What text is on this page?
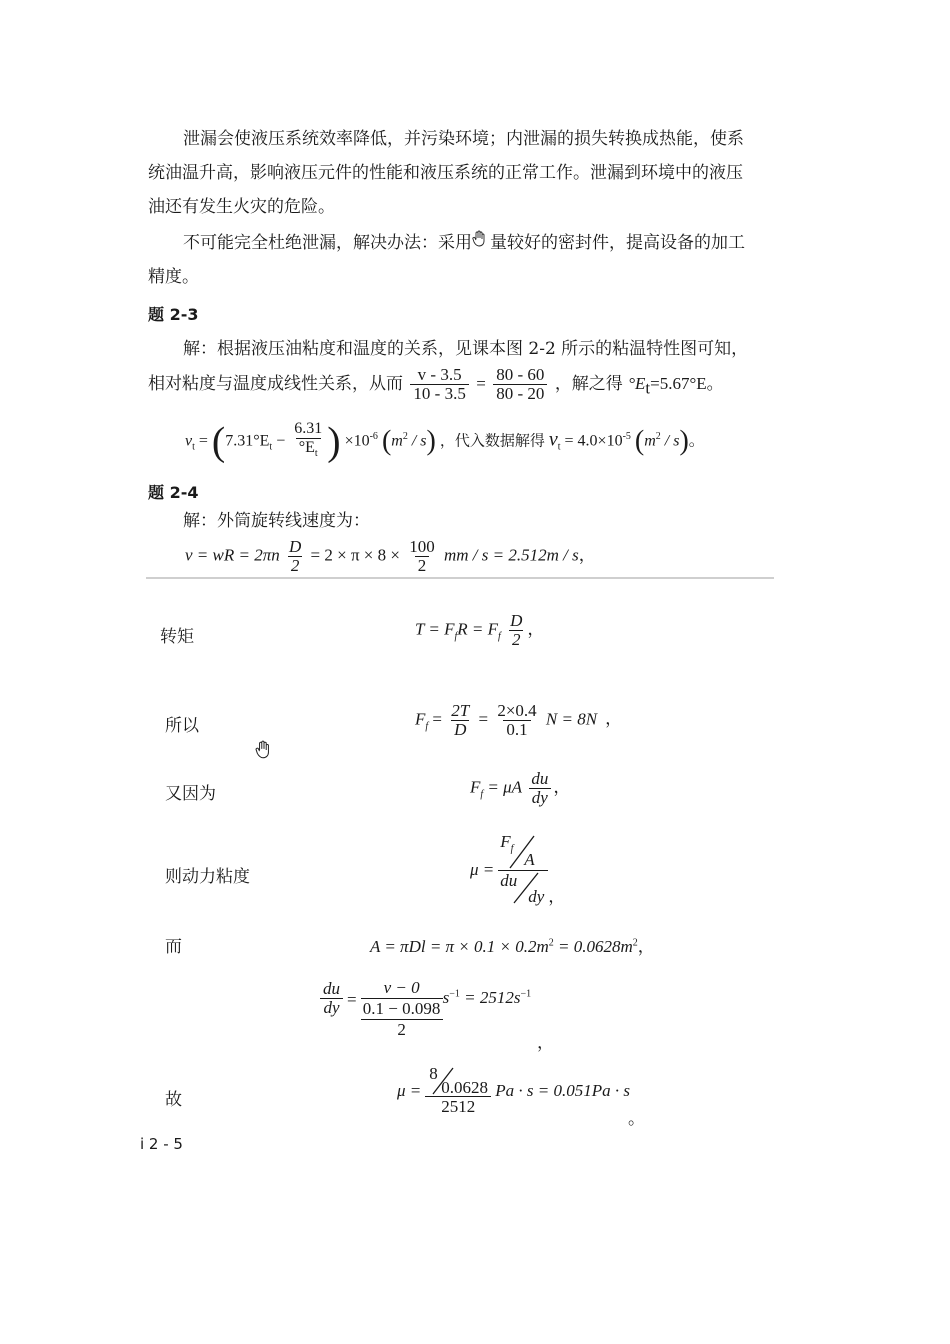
泄漏会使液压系统效率降低，并污染环境；内泄漏的损失转换成热能，使系
统油温升高，影响液压元件的性能和液压系统的正常工作。泄漏到环境中的液压
油还有发生火灾的危险。
不可能完全杜绝泄漏，解决办法：采用 量较好的密封件，提高设备的加工
精度。
题 2-3
解：根据液压油粘度和温度的关系，见课本图 2-2 所示的粘温特性图可知，
相对粘度与温度成线性关系，从而 $\frac{v - 3.5}{10 - 3.5} = \frac{80 - 60}{80 - 20}$ ，解之得 $^\circ E_t=5.67^\circ E$。
$\nu_t = (7.31^\circ E_t - \frac{6.31}{^\circ E_t}$ ) $\times 10^{-6}$ $(m^2 / s)$ ，代入数据解得 $\nu_t = 4.0\times 10^{-5}$ $(m^2 / s)$。
题 2-4
解：外筒旋转线速度为：
v = wR = $2\pi n \frac{D}{2} = 2 \times \pi \times 8 \times \frac{100}{2}$ mm / s = 2.512m / s，
转矩	$T = F_fR = F_f \frac{D}{2}$ ，
所以	$F_f = \frac{2T}{D} = \frac{2\times 0.4}{0.1}$ N = 8N ，
又因为	$F_f = \mu A \frac{du}{dy}$ ，
则动力粘度	μ =
$F_f$
A
du
dy ，
而	$A = \pi Dl = \pi \times 0.1 \times 0.2m^2 = 0.0628m^2$，
$\frac{du}{dy}$ =
v − 0
0.1 − 0.098
2
$s^{-1} = 2512s^{-1}$
，
故	μ =
8
0.0628
2512
Pa · s = 0.051Pa · s
。
i 2 - 5
